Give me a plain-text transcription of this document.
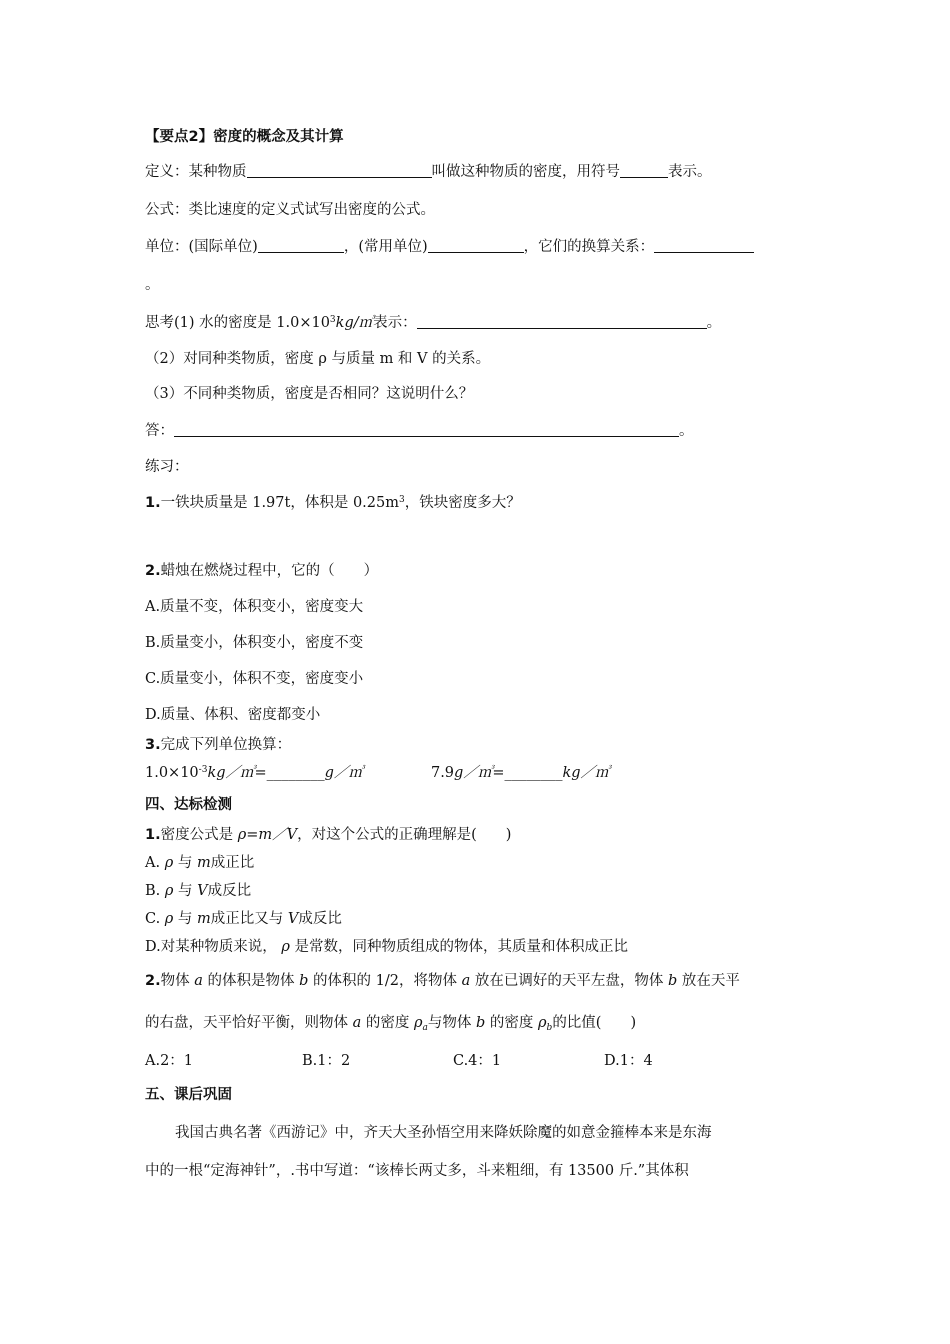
【要点2】密度的概念及其计算
定义：某种物质	叫做这种物质的密度，用符号	表示。
公式：类比速度的定义式试写出密度的公式。
单位：(国际单位)	，(常用单位)	，它们的换算关系：
。
思考(1) 水的密度是 $1.0\times 10^3kg/㎥$表示：	。
（2）对同种类物质，密度 ρ 与质量 m 和 V 的关系。
（3）不同种类物质，密度是否相同？这说明什么？
答：	。
练习：
1.一铁块质量是 1.97t，体积是 $0.25m^3$，铁块密度多大？
2.蜡烛在燃烧过程中，它的（　　）
A.质量不变，体积变小，密度变大
B.质量变小，体积变小，密度不变
C.质量变小，体积不变，密度变小
D.质量、体积、密度都变小
3.完成下列单位换算：
$1.0\times 10^{-3}kg/㎥=\_\_\_\_\_\_\_\_g/㎥$	7.9g／㎥=________kg／㎥
四、达标检测
1.密度公式是 ρ=m／V，对这个公式的正确理解是(　　)
A. ρ 与 m成正比
B. ρ 与 V成反比
C. ρ 与 m成正比又与 V成反比
D.对某种物质来说， ρ 是常数，同种物质组成的物体，其质量和体积成正比
2.物体 a 的体积是物体 b 的体积的 1/2，将物体 a 放在已调好的天平左盘，物体 b 放在天平
的右盘，天平恰好平衡，则物体 a 的密度 $\rho_a$与物体 b 的密度 $\rho_b$的比值(　　)
A.2：1	B.1：2	C.4：1	D.1：4
五、课后巩固
我国古典名著《西游记》中，齐天大圣孙悟空用来降妖除魔的如意金箍棒本来是东海
中的一根“定海神针”，.书中写道：“该棒长两丈多，斗来粗细，有 13500 斤.”其体积
